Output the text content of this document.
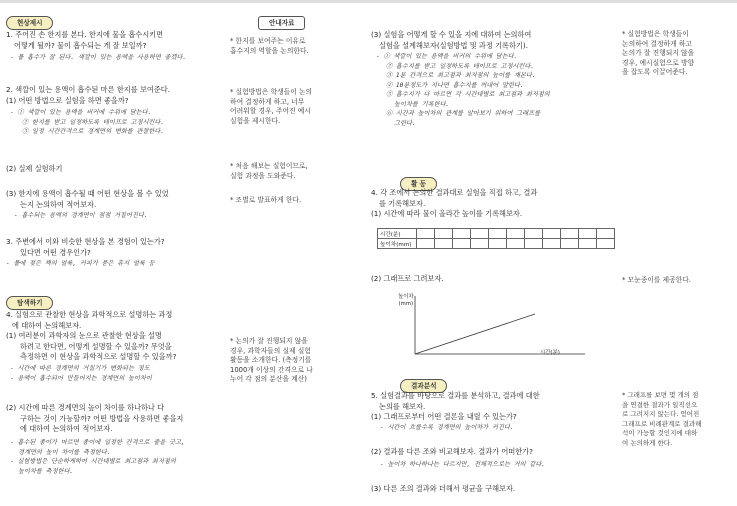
현상제시
1. 주어진 손 한지를 본다. 한지에 물을 흡수시키면
어떻게 될까? 물이 흡수되는 게 잘 보일까?
- 물 흡수가 잘 된다. 색깔이 있는 용액을 사용하면 좋겠다.
2. 색깔이 있는 용액이 흡수된 마른 한지를 보여준다.
(1) 어떤 방법으로 실험을 하면 좋을까?
- ① 색깔이 있는 용액을 비커에 수위에 담는다.
② 한지를 받고 일정하도록 테이프로 고정시킨다.
③ 일정 시간간격으로 경계면의 변화를 관찰한다.
(2) 실제 실험하기
(3) 한지에 용액이 흡수될 때 어떤 현상을 볼 수 있었
는지 논의하여 적어보자.
- 흡수되는 용액의 경계면이 점점 거칠어진다.
3. 주변에서 이와 비슷한 현상을 본 경험이 있는가?
있다면 어떤 경우인가?
- 물에 젖은 책의 얼룩, 커피가 묻은 휴지 얼룩 등
탐색하기
4. 실험으로 관찰한 현상을 과학적으로 설명하는 과정
에 대하여 논의해보자.
(1) 여러분이 과학자의 눈으로 관찰한 현상을 설명
하려고 한다면, 어떻게 설명할 수 있을까? 무엇을
측정하면 이 현상을 과학적으로 설명할 수 있을까?
- 시간에 따른 경계면의 거칠기가 변화되는 정도
- 용액이 흡수되어 만들어지는 경계면의 높이차이
(2) 시간에 따른 경계면의 높이 차이를 하나하나 다
구하는 것이 가능할까? 어떤 방법을 사용하면 좋을지
에 대하여 논의하여 적어보자.
- 흡수된 종이가 마르면 종이에 일정한 간격으로 줄을 긋고,
경계면의 높이 차이를 측정한다.
- 실험방법은 단순하게하여 시간대별로 최고점과 최저점의
높이차를 측정한다.
안내자료
* 한지를 보여주는 이유로
흡수지의 역할을 논의한다.
* 실험방법은 학생들이 논의
하여 결정하게 하고, 너무
어려워할 경우, 주어진 예시
실험을 제시한다.
* 처음 해보는 실험이므로,
실험 과정을 도와준다.
* 조별로 발표하게 한다.
* 논의가 잘 진행되지 않을
경우, 과학자들의 실제 실험
활동을 소개한다. (측정기를
1000개 이상의 간격으로 나
누어 각 점의 분산을 계산)
(3) 실험을 어떻게 할 수 있을 지에 대하여 논의하여
실험을 설계해보자(실험방법 및 과정 기록하기).
- ① 색깔이 있는 용액을 비커의 수위에 담는다.
② 흡수지를 받고 일정하도록 테이프로 고정시킨다.
③ 1분 간격으로 최고점과 최저점의 높이를 재본다.
④ 10분정도가 지나면 흡수지를 꺼내어 말린다.
⑤ 흡수지가 다 마르면 각 시간대별로 최고점과 최저점의
높이차를 기록한다.
⑥ 시간과 높이차의 관계를 알아보기 위하여 그래프를
그린다.
활 동
4. 각 조에서 논의한 결과대로 실험을 직접 하고, 결과
를 기록해보자.
(1) 시간에 따라 물이 올라간 높이를 기록해보자.
시간(분)											
높이차(mm)											
(2) 그래프로 그려보자.
높이차
(mm)
시간(분)
결과분석
5. 실험결과를 바탕으로 결과를 분석하고, 결과에 대한
논의를 해보자.
(1) 그래프로부터 어떤 결론을 내릴 수 있는가?
- 시간이 흐를수록 경계면의 높이차가 커진다.
(2) 결과를 다른 조와 비교해보자. 결과가 어떠한가?
- 높이차 하나하나는 다르지만, 전체적으로는 거의 같다.
(3) 다른 조의 결과와 더해서 평균을 구해보자.
* 실험방법은 학생들이
논의하여 결정하게 하고
논의가 잘 진행되지 않을
경우, 예시실험으로 방향
을 잡도록 이끌어준다.
* 모눈종이를 제공한다.
* 그래프를 보면 몇 개의 점
을 연결한 결과가 일직선으
로 그려지지 않는다. 얻어진
그래프로 비례관계로 결과해
석이 가능할 것인지에 대하
여 논의하게 한다.
